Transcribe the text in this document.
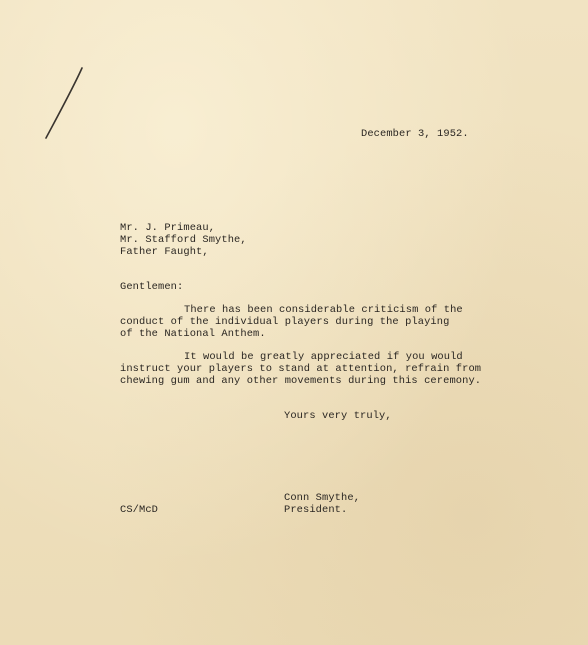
December 3, 1952.
Mr. J. Primeau,
Mr. Stafford Smythe,
Father Faught,
Gentlemen:
There has been considerable criticism of the
conduct of the individual players during the playing
of the National Anthem.
It would be greatly appreciated if you would
instruct your players to stand at attention, refrain from
chewing gum and any other movements during this ceremony.
Yours very truly,
Conn Smythe,
President.
CS/McD
